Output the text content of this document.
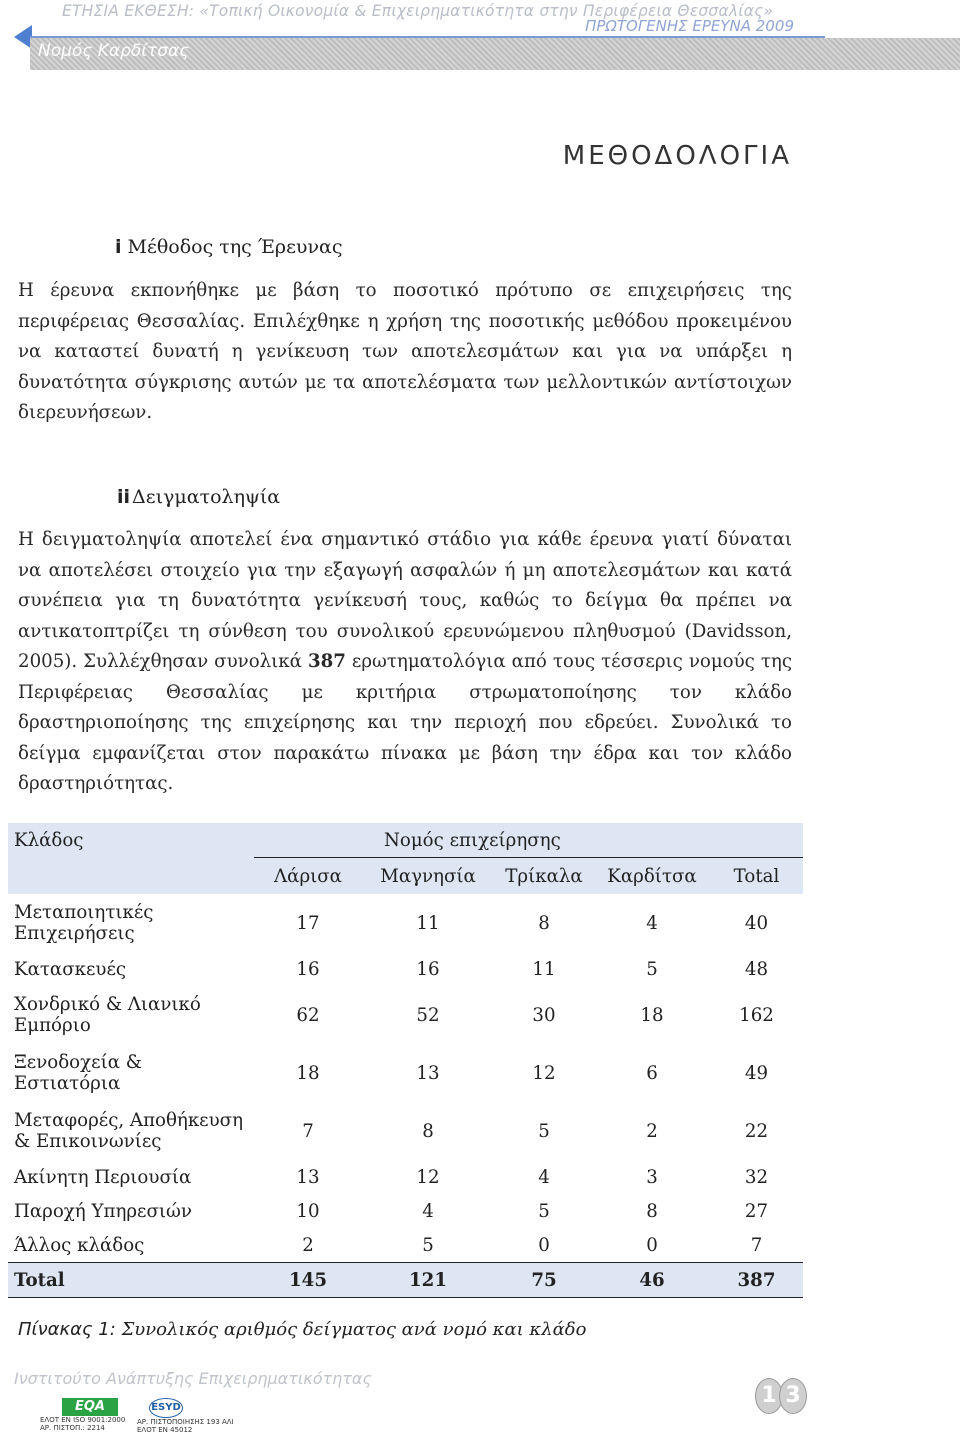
ΕΤΗΣΙΑ ΕΚΘΕΣΗ: «Τοπική Οικονομία & Επιχειρηματικότητα στην Περιφέρεια Θεσσαλίας»
ΠΡΩΤΟΓΕΝΗΣ ΕΡΕΥΝΑ 2009
Νομός Καρδίτσας
ΜΕΘΟΔΟΛΟΓΙΑ
i Μέθοδος της Έρευνας
Η έρευνα εκπονήθηκε με βάση το ποσοτικό πρότυπο σε επιχειρήσεις της περιφέρειας Θεσσαλίας. Επιλέχθηκε η χρήση της ποσοτικής μεθόδου προκειμένου να καταστεί δυνατή η γενίκευση των αποτελεσμάτων και για να υπάρξει η δυνατότητα σύγκρισης αυτών με τα αποτελέσματα των μελλοντικών αντίστοιχων διερευνήσεων.
ii Δειγματοληψία
Η δειγματοληψία αποτελεί ένα σημαντικό στάδιο για κάθε έρευνα γιατί δύναται να αποτελέσει στοιχείο για την εξαγωγή ασφαλών ή μη αποτελεσμάτων και κατά συνέπεια για τη δυνατότητα γενίκευσή τους, καθώς το δείγμα θα πρέπει να αντικατοπτρίζει τη σύνθεση του συνολικού ερευνώμενου πληθυσμού (Davidsson, 2005). Συλλέχθησαν συνολικά 387 ερωτηματολόγια από τους τέσσερις νομούς της Περιφέρειας Θεσσαλίας με κριτήρια στρωματοποίησης τον κλάδο δραστηριοποίησης της επιχείρησης και την περιοχή που εδρεύει. Συνολικά το δείγμα εμφανίζεται στον παρακάτω πίνακα με βάση την έδρα και τον κλάδο δραστηριότητας.
Κλάδος	Νομός επιχείρησης				
	Λάρισα	Μαγνησία	Τρίκαλα	Καρδίτσα	Total
Μεταποιητικές Επιχειρήσεις	17	11	8	4	40
Κατασκευές	16	16	11	5	48
Χονδρικό & Λιανικό Εμπόριο	62	52	30	18	162
Ξενοδοχεία & Εστιατόρια	18	13	12	6	49
Μεταφορές, Αποθήκευση & Επικοινωνίες	7	8	5	2	22
Ακίνητη Περιουσία	13	12	4	3	32
Παροχή Υπηρεσιών	10	4	5	8	27
Άλλος κλάδος	2	5	0	0	7
Total	145	121	75	46	387
Πίνακας 1: Συνολικός αριθμός δείγματος ανά νομό και κλάδο
Ινστιτούτο Ανάπτυξης Επιχειρηματικότητας
1 3
EQA
ΕΛΟΤ EN ISO 9001:2000
ΑΡ. ΠΙΣΤΟΠ.: 2214
ESYD
ΑΡ. ΠΙΣΤΟΠΟΙΗΣΗΣ 193 ΑΛΙ
ΕΛΟΤ EN 45012
